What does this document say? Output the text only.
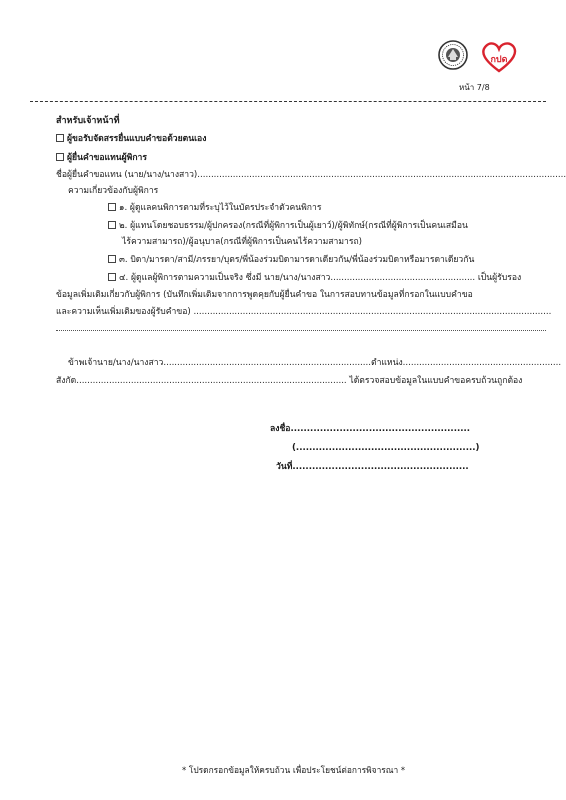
กปด
หน้า 7/8
สำหรับเจ้าหน้าที่
ผู้ขอรับจัดสรรยื่นแบบคำขอด้วยตนเอง
ผู้ยื่นคำขอแทนผู้พิการ
ชื่อผู้ยื่นคำขอแทน (นาย/นาง/นางสาว).......................................................................................................................................
ความเกี่ยวข้องกับผู้พิการ
๑. ผู้ดูแลคนพิการตามที่ระบุไว้ในบัตรประจำตัวคนพิการ
๒. ผู้แทนโดยชอบธรรม/ผู้ปกครอง(กรณีที่ผู้พิการเป็นผู้เยาว์)/ผู้พิทักษ์(กรณีที่ผู้พิการเป็นคนเสมือน
ไร้ความสามารถ)/ผู้อนุบาล(กรณีที่ผู้พิการเป็นคนไร้ความสามารถ)
๓. บิดา/มารดา/สามี/ภรรยา/บุตร/พี่น้องร่วมบิดามารดาเดียวกัน/พี่น้องร่วมบิดาหรือมารดาเดียวกัน
๔. ผู้ดูแลผู้พิการตามความเป็นจริง ซึ่งมี นาย/นาง/นางสาว..................................................... เป็นผู้รับรอง
ข้อมูลเพิ่มเติมเกี่ยวกับผู้พิการ (บันทึกเพิ่มเติมจากการพูดคุยกับผู้ยื่นคำขอ ในการสอบทานข้อมูลที่กรอกในแบบคำขอ
และความเห็นเพิ่มเติมของผู้รับคำขอ) ...................................................................................................................................
ข้าพเจ้านาย/นาง/นางสาว............................................................................ตำแหน่ง..........................................................
สังกัด................................................................................................... ได้ตรวจสอบข้อมูลในแบบคำขอครบถ้วนถูกต้อง
ลงชื่อ.......................................................
(.......................................................)
วันที่......................................................
* โปรดกรอกข้อมูลให้ครบถ้วน เพื่อประโยชน์ต่อการพิจารณา *
